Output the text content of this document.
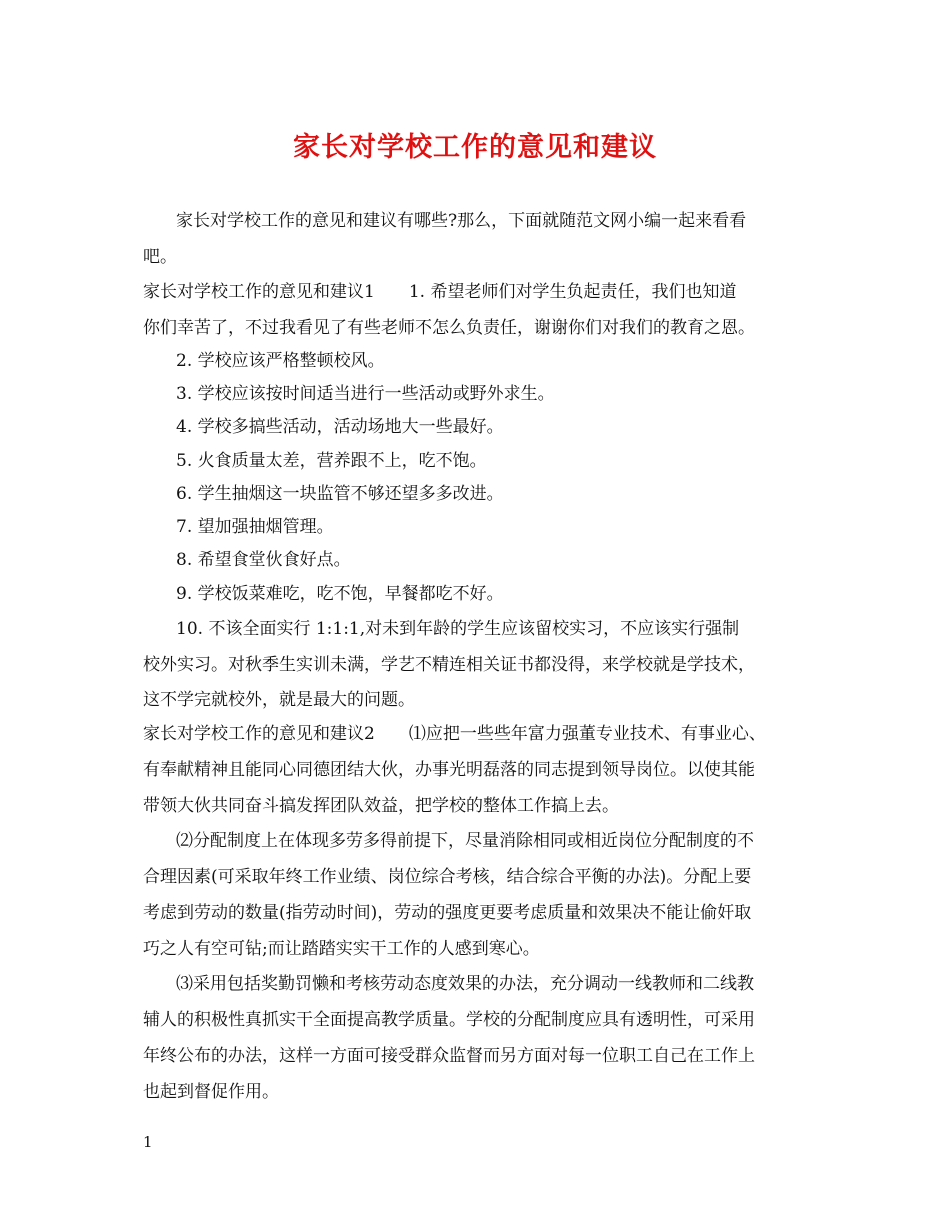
家长对学校工作的意见和建议
家长对学校工作的意见和建议有哪些?那么，下面就随范文网小编一起来看看
吧。
家长对学校工作的意见和建议1　　1. 希望老师们对学生负起责任，我们也知道
你们幸苦了，不过我看见了有些老师不怎么负责任，谢谢你们对我们的教育之恩。
2. 学校应该严格整顿校风。
3. 学校应该按时间适当进行一些活动或野外求生。
4. 学校多搞些活动，活动场地大一些最好。
5. 火食质量太差，营养跟不上，吃不饱。
6. 学生抽烟这一块监管不够还望多多改进。
7. 望加强抽烟管理。
8. 希望食堂伙食好点。
9. 学校饭菜难吃，吃不饱，早餐都吃不好。
10. 不该全面实行 1:1:1,对未到年龄的学生应该留校实习，不应该实行强制
校外实习。对秋季生实训未满，学艺不精连相关证书都没得，来学校就是学技术，
这不学完就校外，就是最大的问题。
家长对学校工作的意见和建议2　　⑴应把一些些年富力强董专业技术、有事业心、
有奉献精神且能同心同德团结大伙，办事光明磊落的同志提到领导岗位。以使其能
带领大伙共同奋斗搞发挥团队效益，把学校的整体工作搞上去。
⑵分配制度上在体现多劳多得前提下，尽量消除相同或相近岗位分配制度的不
合理因素(可采取年终工作业绩、岗位综合考核，结合综合平衡的办法)。分配上要
考虑到劳动的数量(指劳动时间)，劳动的强度更要考虑质量和效果决不能让偷奸取
巧之人有空可钻;而让踏踏实实干工作的人感到寒心。
⑶采用包括奖勤罚懒和考核劳动态度效果的办法，充分调动一线教师和二线教
辅人的积极性真抓实干全面提高教学质量。学校的分配制度应具有透明性，可采用
年终公布的办法，这样一方面可接受群众监督而另方面对每一位职工自己在工作上
也起到督促作用。
1
